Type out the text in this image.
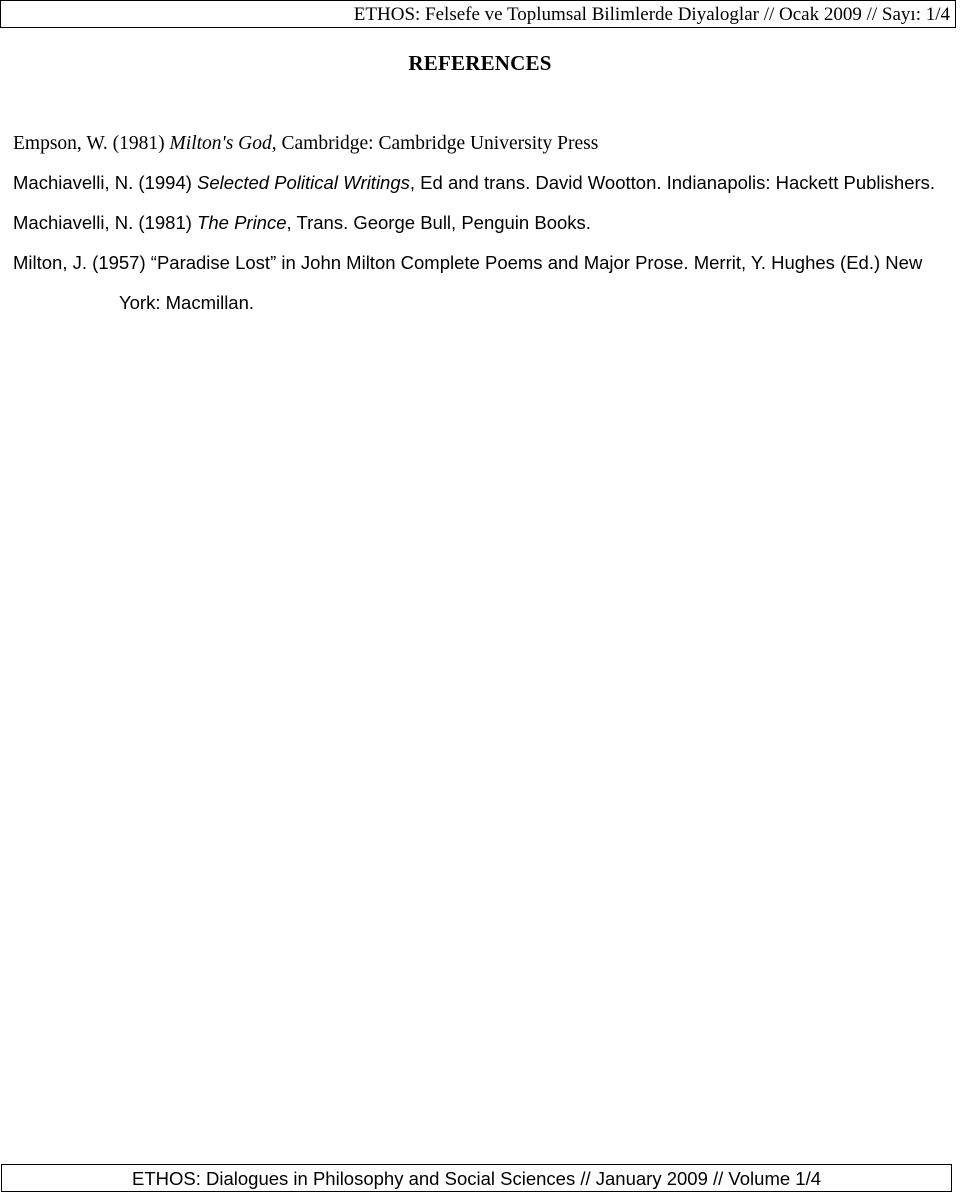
ETHOS: Felsefe ve Toplumsal Bilimlerde Diyaloglar // Ocak 2009 // Sayı: 1/4
REFERENCES

Empson, W. (1981) Milton's God, Cambridge: Cambridge University Press

Machiavelli, N. (1994) Selected Political Writings, Ed and trans. David Wootton. Indianapolis: Hackett Publishers.

Machiavelli, N. (1981) The Prince, Trans. George Bull, Penguin Books.

Milton, J. (1957) “Paradise Lost” in John Milton Complete Poems and Major Prose. Merrit, Y. Hughes (Ed.) New York: Macmillan.

ETHOS: Dialogues in Philosophy and Social Sciences // January 2009 // Volume 1/4
